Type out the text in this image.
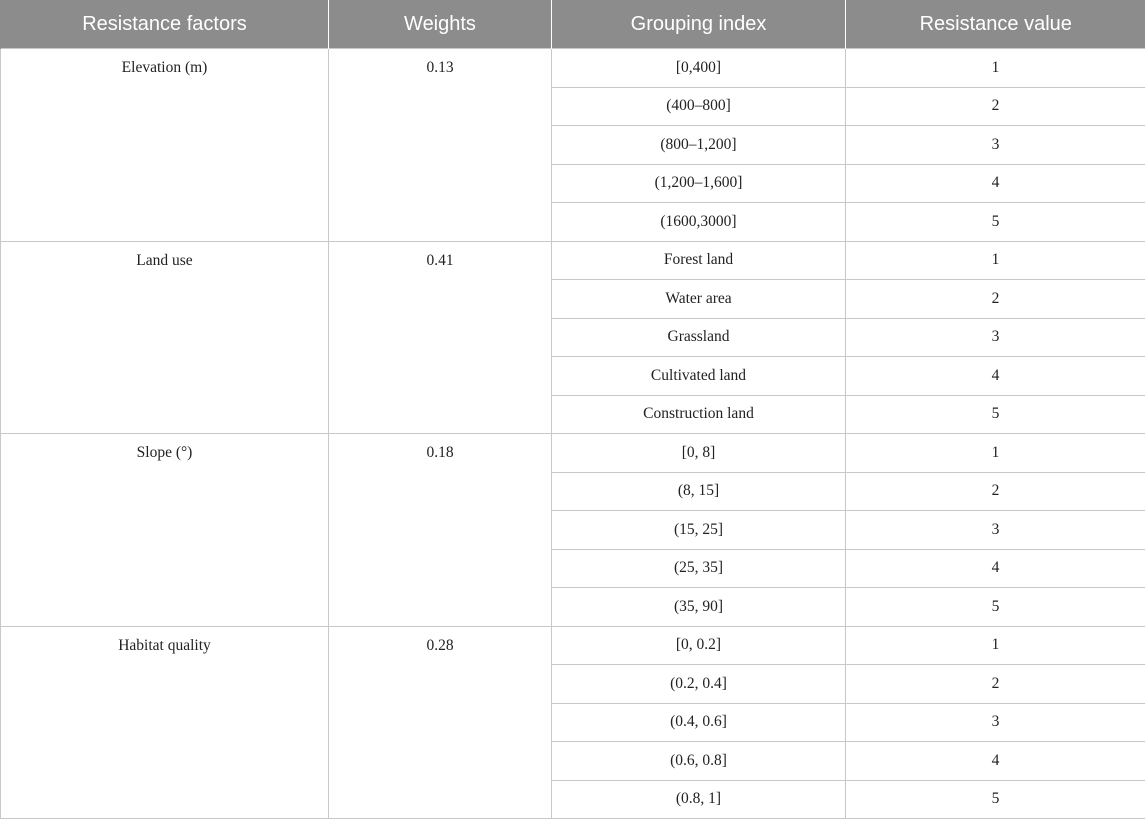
Resistance factors	Weights	Grouping index	Resistance value
Elevation (m)	0.13	[0,400]	1
		(400–800]	2
		(800–1,200]	3
		(1,200–1,600]	4
		(1600,3000]	5
Land use	0.41	Forest land	1
		Water area	2
		Grassland	3
		Cultivated land	4
		Construction land	5
Slope (°)	0.18	[0, 8]	1
		(8, 15]	2
		(15, 25]	3
		(25, 35]	4
		(35, 90]	5
Habitat quality	0.28	[0, 0.2]	1
		(0.2, 0.4]	2
		(0.4, 0.6]	3
		(0.6, 0.8]	4
		(0.8, 1]	5
